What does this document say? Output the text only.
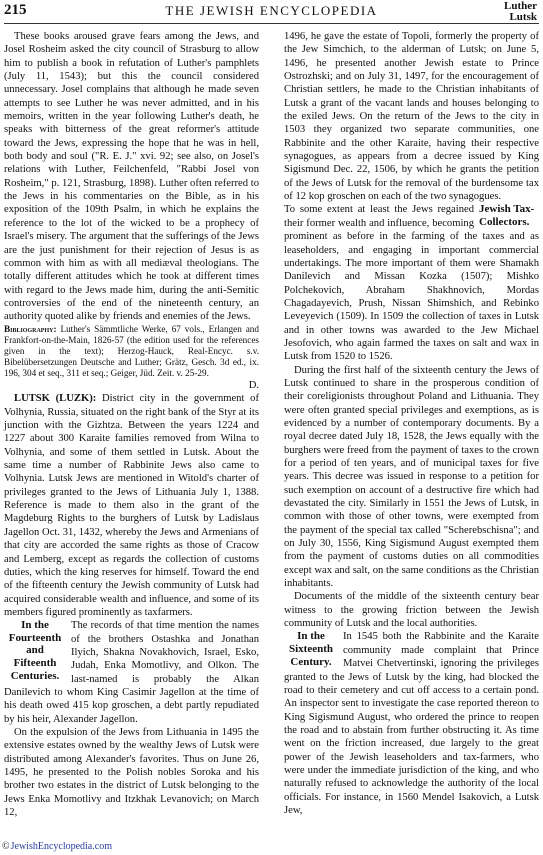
215	THE JEWISH ENCYCLOPEDIA	Luther
Lutsk

These books aroused grave fears among the Jews, and Josel Rosheim asked the city council of Strasburg to allow him to publish a book in refutation of Luther's pamphlets (July 11, 1543); but this the council considered unnecessary. Josel complains that although he made seven attempts to see Luther he was never admitted, and in his memoirs, written in the year following Luther's death, he speaks with bitterness of the great reformer's attitude toward the Jews, expressing the hope that he was in hell, both body and soul ("R. E. J." xvi. 92; see also, on Josel's relations with Luther, Feilchenfeld, "Rabbi Josel von Rosheim," p. 121, Strasburg, 1898). Luther often referred to the Jews in his commentaries on the Bible, as in his exposition of the 109th Psalm, in which he explains the reference to the lot of the wicked to be a prophecy of Israel's misery. The argument that the sufferings of the Jews are the just punishment for their rejection of Jesus is as common with him as with all mediæval theologians. The totally different attitudes which he took at different times with regard to the Jews made him, during the anti-Semitic controversies of the end of the nineteenth century, an authority quoted alike by friends and enemies of the Jews.

Bibliography: Luther's Sämmtliche Werke, 67 vols., Erlangen and Frankfort-on-the-Main, 1826-57 (the edition used for the references given in the text); Herzog-Hauck, Real-Encyc. s.v. Bibelübersetzungen Deutsche and Luther; Grätz, Gesch. 3d ed., ix. 196, 304 et seq., 311 et seq.; Geiger, Jüd. Zeit. v. 25-29.

D.

LUTSK (LUZK): District city in the government of Volhynia, Russia, situated on the right bank of the Styr at its junction with the Gizhtza. Between the years 1224 and 1227 about 300 Karaite families removed from Wilna to Volhynia, and some of them settled in Lutsk. About the same time a number of Rabbinite Jews also came to Volhynia. Lutsk Jews are mentioned in Witold's charter of privileges granted to the Jews of Lithuania July 1, 1388. Reference is made to them also in the grant of the Magdeburg Rights to the burghers of Lutsk by Ladislaus Jagellon Oct. 31, 1432, whereby the Jews and Armenians of that city are accorded the same rights as those of Cracow and Lemberg, except as regards the collection of customs duties, which the king reserves for himself. Toward the end of the fifteenth century the Jewish community of Lutsk had acquired considerable wealth and influence, and some of its members figured prominently as taxfarmers.

In the Fourteenth and Fifteenth Centuries.
The records of that time mention the names of the brothers Ostashka and Jonathan Ilyich, Shakna Novakhovich, Israel, Esko, Judah, Enka Momotlivy, and Olkon. The last-named is probably the Alkan Danilevich to whom King Casimir Jagellon at the time of his death owed 415 kop groschen, a debt partly repudiated by his heir, Alexander Jagellon.

On the expulsion of the Jews from Lithuania in 1495 the extensive estates owned by the wealthy Jews of Lutsk were distributed among Alexander's favorites. Thus on June 26, 1495, he presented to the Polish nobles Soroka and his brother two estates in the district of Lutsk belonging to the Jews Enka Momotlivy and Itzkhak Levanovich; on March 12,

1496, he gave the estate of Topoli, formerly the property of the Jew Simchich, to the alderman of Lutsk; on June 5, 1496, he presented another Jewish estate to Prince Ostrozhski; and on July 31, 1497, for the encouragement of Christian settlers, he made to the Christian inhabitants of Lutsk a grant of the vacant lands and houses belonging to the exiled Jews. On the return of the Jews to the city in 1503 they organized two separate communities, one Rabbinite and the other Karaite, having their respective synagogues, as appears from a decree issued by King Sigismund Dec. 22, 1506, by which he grants the petition of the Jews of Lutsk for the removal of the burdensome tax of 12 kop groschen on each of the two synagogues.

Jewish Tax-Collectors.
To some extent at least the Jews regained their former wealth and influence, becoming prominent as before in the farming of the taxes and as leaseholders, and engaging in important commercial undertakings. The more important of them were Shamakh Danilevich and Missan Kozka (1507); Mishko Polchekovich, Abraham Shakhnovich, Mordas Chagadayevich, Prush, Nissan Shimshich, and Rebinko Leveyevich (1509). In 1509 the collection of taxes in Lutsk and in other towns was awarded to the Jew Michael Jesofovich, who again farmed the taxes on salt and wax in Lutsk from 1520 to 1526.

During the first half of the sixteenth century the Jews of Lutsk continued to share in the prosperous condition of their coreligionists throughout Poland and Lithuania. They were often granted special privileges and exemptions, as is evidenced by a number of contemporary documents. By a royal decree dated July 18, 1528, the Jews equally with the burghers were freed from the payment of taxes to the crown for a period of ten years, and of municipal taxes for five years. This decree was issued in response to a petition for such exemption on account of a destructive fire which had devastated the city. Similarly in 1551 the Jews of Lutsk, in common with those of other towns, were exempted from the payment of the special tax called "Scherebschisna"; and on July 30, 1556, King Sigismund August exempted them from the payment of customs duties on all commodities except wax and salt, on the same conditions as the Christian inhabitants.

Documents of the middle of the sixteenth century bear witness to the growing friction between the Jewish community of Lutsk and the local authorities.

In the Sixteenth Century.
In 1545 both the Rabbinite and the Karaite community made complaint that Prince Matvei Chetvertinski, ignoring the privileges granted to the Jews of Lutsk by the king, had blocked the road to their cemetery and cut off access to a certain pond. An inspector sent to investigate the case reported thereon to King Sigismund August, who ordered the prince to reopen the road and to abstain from further obstructing it. As time went on the friction increased, due largely to the great power of the Jewish leaseholders and tax-farmers, who were under the immediate jurisdiction of the king, and who naturally refused to acknowledge the authority of the local officials. For instance, in 1560 Mendel Isakovich, a Lutsk Jew,

©JewishEncyclopedia.com
